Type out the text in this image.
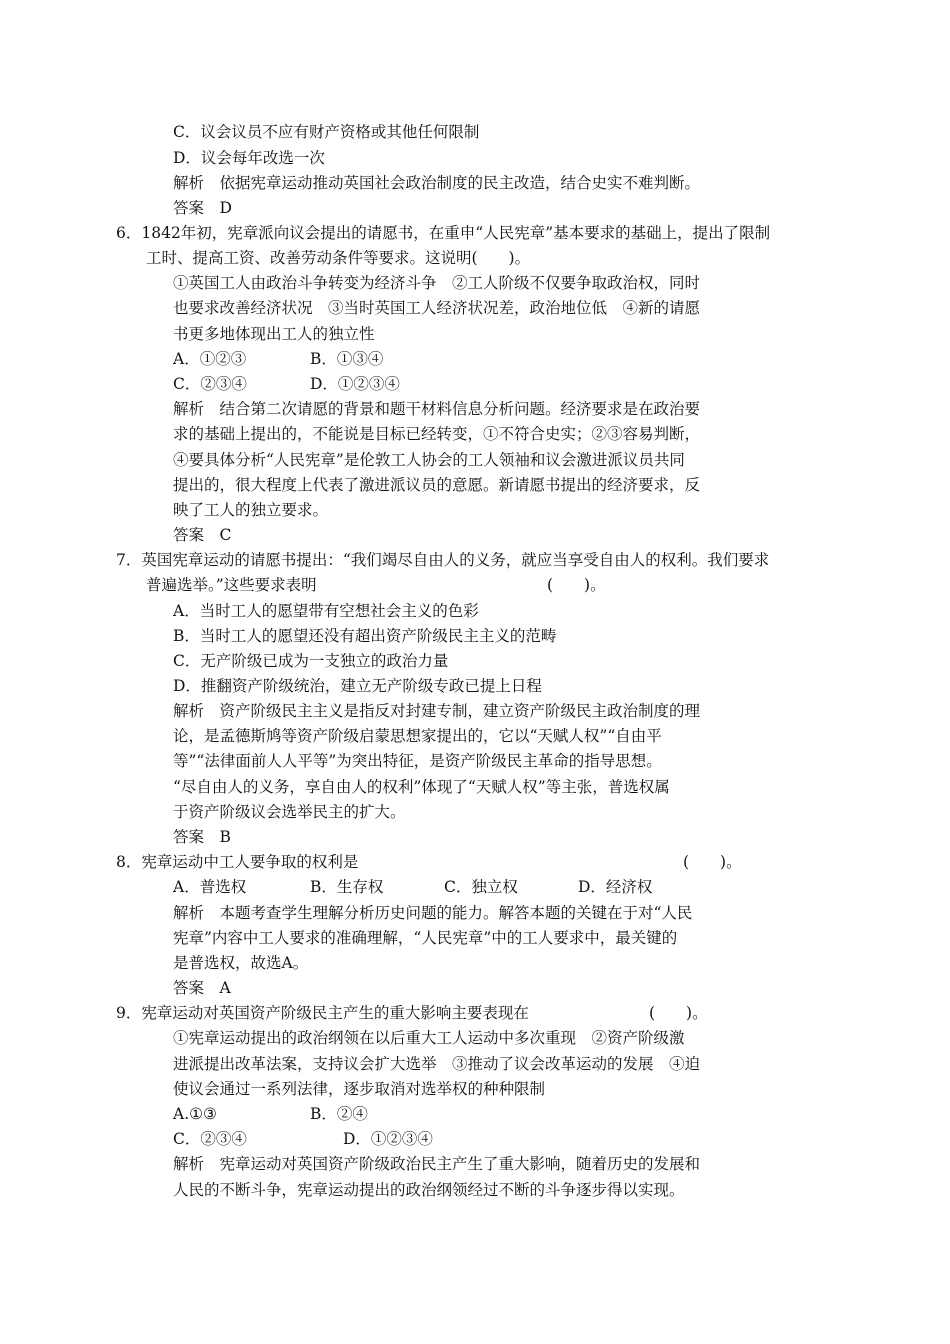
C．议会议员不应有财产资格或其他任何限制
D．议会每年改选一次
解析　依据宪章运动推动英国社会政治制度的民主改造，结合史实不难判断。
答案　D
6．1842年初，宪章派向议会提出的请愿书，在重申“人民宪章”基本要求的基础上，提出了限制
工时、提高工资、改善劳动条件等要求。这说明(　　)。
①英国工人由政治斗争转变为经济斗争　②工人阶级不仅要争取政治权，同时
也要求改善经济状况　③当时英国工人经济状况差，政治地位低　④新的请愿
书更多地体现出工人的独立性
A．①②③	B．①③④
C．②③④	D．①②③④
解析　结合第二次请愿的背景和题干材料信息分析问题。经济要求是在政治要
求的基础上提出的，不能说是目标已经转变，①不符合史实；②③容易判断，
④要具体分析“人民宪章”是伦敦工人协会的工人领袖和议会激进派议员共同
提出的，很大程度上代表了激进派议员的意愿。新请愿书提出的经济要求，反
映了工人的独立要求。
答案　C
7．英国宪章运动的请愿书提出：“我们竭尽自由人的义务，就应当享受自由人的权利。我们要求
普遍选举。”这些要求表明	(　　)。
A．当时工人的愿望带有空想社会主义的色彩
B．当时工人的愿望还没有超出资产阶级民主主义的范畴
C．无产阶级已成为一支独立的政治力量
D．推翻资产阶级统治，建立无产阶级专政已提上日程
解析　资产阶级民主主义是指反对封建专制，建立资产阶级民主政治制度的理
论，是孟德斯鸠等资产阶级启蒙思想家提出的，它以“天赋人权”“自由平
等”“法律面前人人平等”为突出特征，是资产阶级民主革命的指导思想。
“尽自由人的义务，享自由人的权利”体现了“天赋人权”等主张，普选权属
于资产阶级议会选举民主的扩大。
答案　B
8．宪章运动中工人要争取的权利是	(　　)。
A．普选权	B．生存权	C．独立权	D．经济权
解析　本题考查学生理解分析历史问题的能力。解答本题的关键在于对“人民
宪章”内容中工人要求的准确理解，“人民宪章”中的工人要求中，最关键的
是普选权，故选A。
答案　A
9．宪章运动对英国资产阶级民主产生的重大影响主要表现在	(　　)。
①宪章运动提出的政治纲领在以后重大工人运动中多次重现　②资产阶级激
进派提出改革法案，支持议会扩大选举　③推动了议会改革运动的发展　④迫
使议会通过一系列法律，逐步取消对选举权的种种限制
A.①③	B．②④
C．②③④	D．①②③④
解析　宪章运动对英国资产阶级政治民主产生了重大影响，随着历史的发展和
人民的不断斗争，宪章运动提出的政治纲领经过不断的斗争逐步得以实现。
